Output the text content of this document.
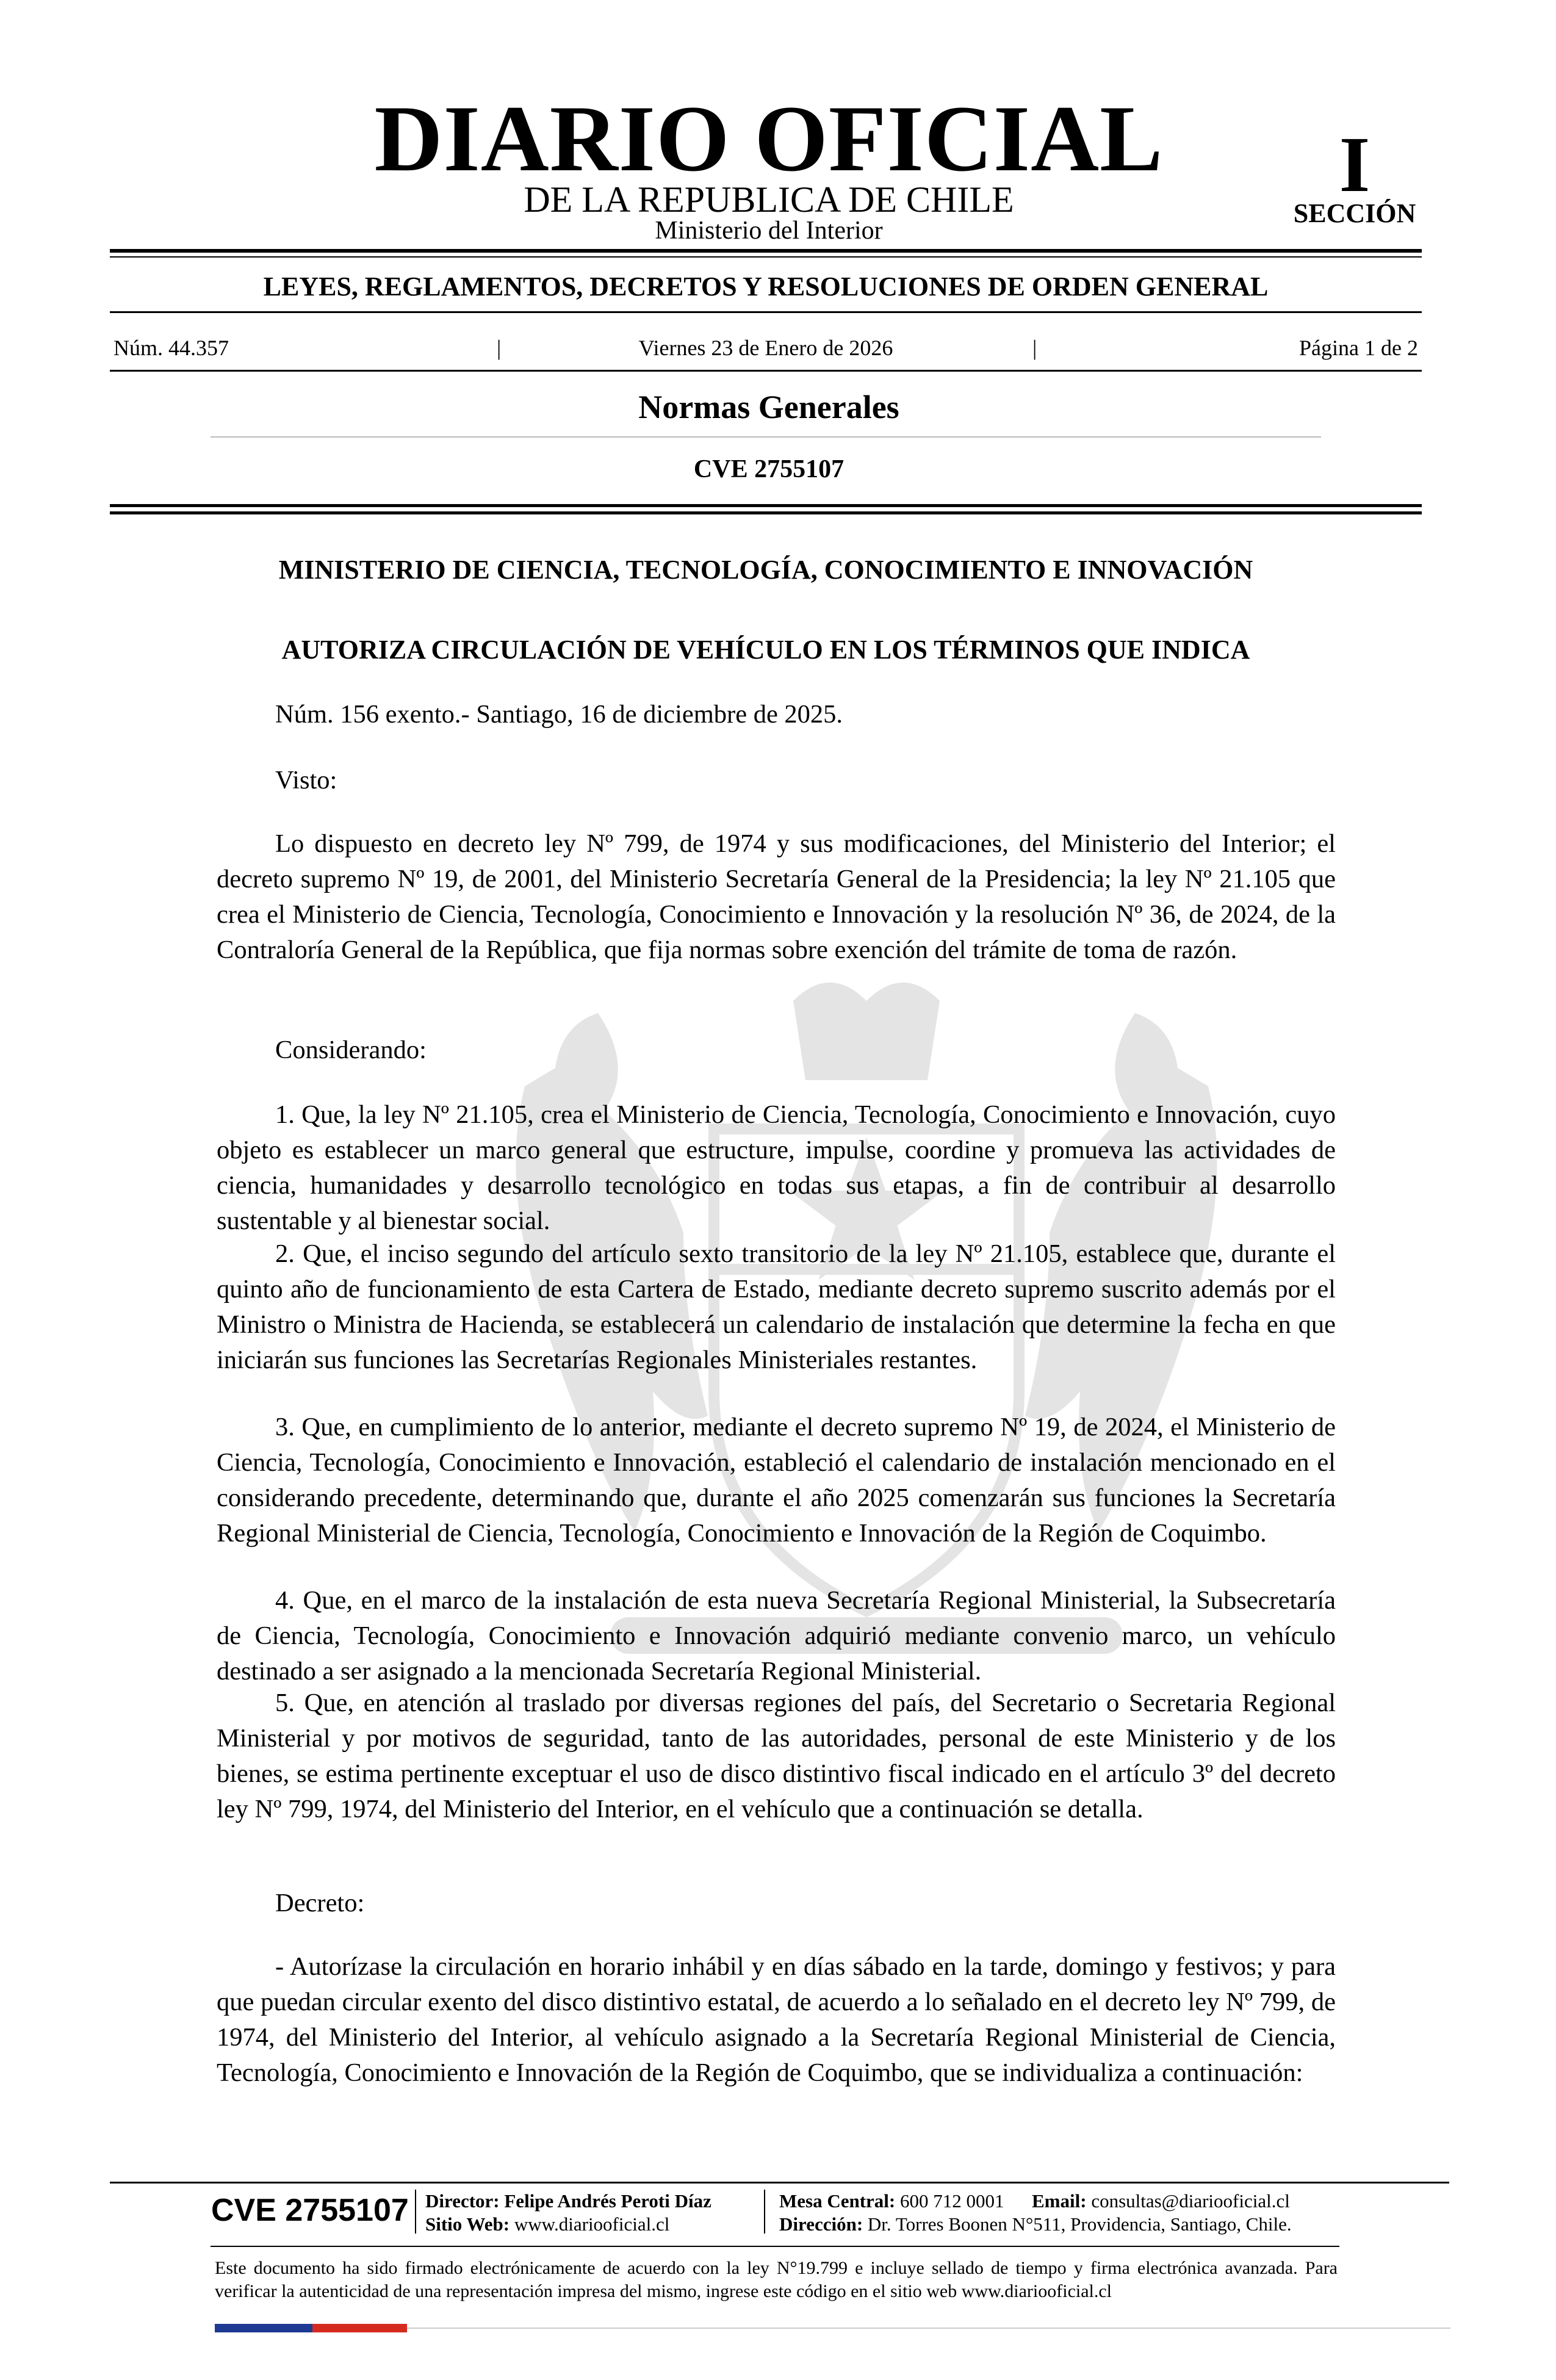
DIARIO OFICIAL
DE LA REPUBLICA DE CHILE
Ministerio del Interior
I
SECCIÓN
LEYES, REGLAMENTOS, DECRETOS Y RESOLUCIONES DE ORDEN GENERAL
Núm. 44.357	|	Viernes 23 de Enero de 2026	|	Página 1 de 2
Normas Generales
CVE 2755107
MINISTERIO DE CIENCIA, TECNOLOGÍA, CONOCIMIENTO E INNOVACIÓN
AUTORIZA CIRCULACIÓN DE VEHÍCULO EN LOS TÉRMINOS QUE INDICA

Núm. 156 exento.- Santiago, 16 de diciembre de 2025.

Visto:

Lo dispuesto en decreto ley Nº 799, de 1974 y sus modificaciones, del Ministerio del Interior; el decreto supremo Nº 19, de 2001, del Ministerio Secretaría General de la Presidencia; la ley Nº 21.105 que crea el Ministerio de Ciencia, Tecnología, Conocimiento e Innovación y la resolución Nº 36, de 2024, de la Contraloría General de la República, que fija normas sobre exención del trámite de toma de razón.

Considerando:

1. Que, la ley Nº 21.105, crea el Ministerio de Ciencia, Tecnología, Conocimiento e Innovación, cuyo objeto es establecer un marco general que estructure, impulse, coordine y promueva las actividades de ciencia, humanidades y desarrollo tecnológico en todas sus etapas, a fin de contribuir al desarrollo sustentable y al bienestar social.

2. Que, el inciso segundo del artículo sexto transitorio de la ley Nº 21.105, establece que, durante el quinto año de funcionamiento de esta Cartera de Estado, mediante decreto supremo suscrito además por el Ministro o Ministra de Hacienda, se establecerá un calendario de instalación que determine la fecha en que iniciarán sus funciones las Secretarías Regionales Ministeriales restantes.

3. Que, en cumplimiento de lo anterior, mediante el decreto supremo Nº 19, de 2024, el Ministerio de Ciencia, Tecnología, Conocimiento e Innovación, estableció el calendario de instalación mencionado en el considerando precedente, determinando que, durante el año 2025 comenzarán sus funciones la Secretaría Regional Ministerial de Ciencia, Tecnología, Conocimiento e Innovación de la Región de Coquimbo.

4. Que, en el marco de la instalación de esta nueva Secretaría Regional Ministerial, la Subsecretaría de Ciencia, Tecnología, Conocimiento e Innovación adquirió mediante convenio marco, un vehículo destinado a ser asignado a la mencionada Secretaría Regional Ministerial.

5. Que, en atención al traslado por diversas regiones del país, del Secretario o Secretaria Regional Ministerial y por motivos de seguridad, tanto de las autoridades, personal de este Ministerio y de los bienes, se estima pertinente exceptuar el uso de disco distintivo fiscal indicado en el artículo 3º del decreto ley Nº 799, 1974, del Ministerio del Interior, en el vehículo que a continuación se detalla.

Decreto:

- Autorízase la circulación en horario inhábil y en días sábado en la tarde, domingo y festivos; y para que puedan circular exento del disco distintivo estatal, de acuerdo a lo señalado en el decreto ley Nº 799, de 1974, del Ministerio del Interior, al vehículo asignado a la Secretaría Regional Ministerial de Ciencia, Tecnología, Conocimiento e Innovación de la Región de Coquimbo, que se individualiza a continuación:

CVE 2755107 Director: Felipe Andrés Peroti Díaz
Sitio Web: www.diariooficial.cl
Mesa Central: 600 712 0001 Email: consultas@diariooficial.cl
Dirección: Dr. Torres Boonen N°511, Providencia, Santiago, Chile.

Este documento ha sido firmado electrónicamente de acuerdo con la ley N°19.799 e incluye sellado de tiempo y firma electrónica avanzada. Para verificar la autenticidad de una representación impresa del mismo, ingrese este código en el sitio web www.diariooficial.cl
